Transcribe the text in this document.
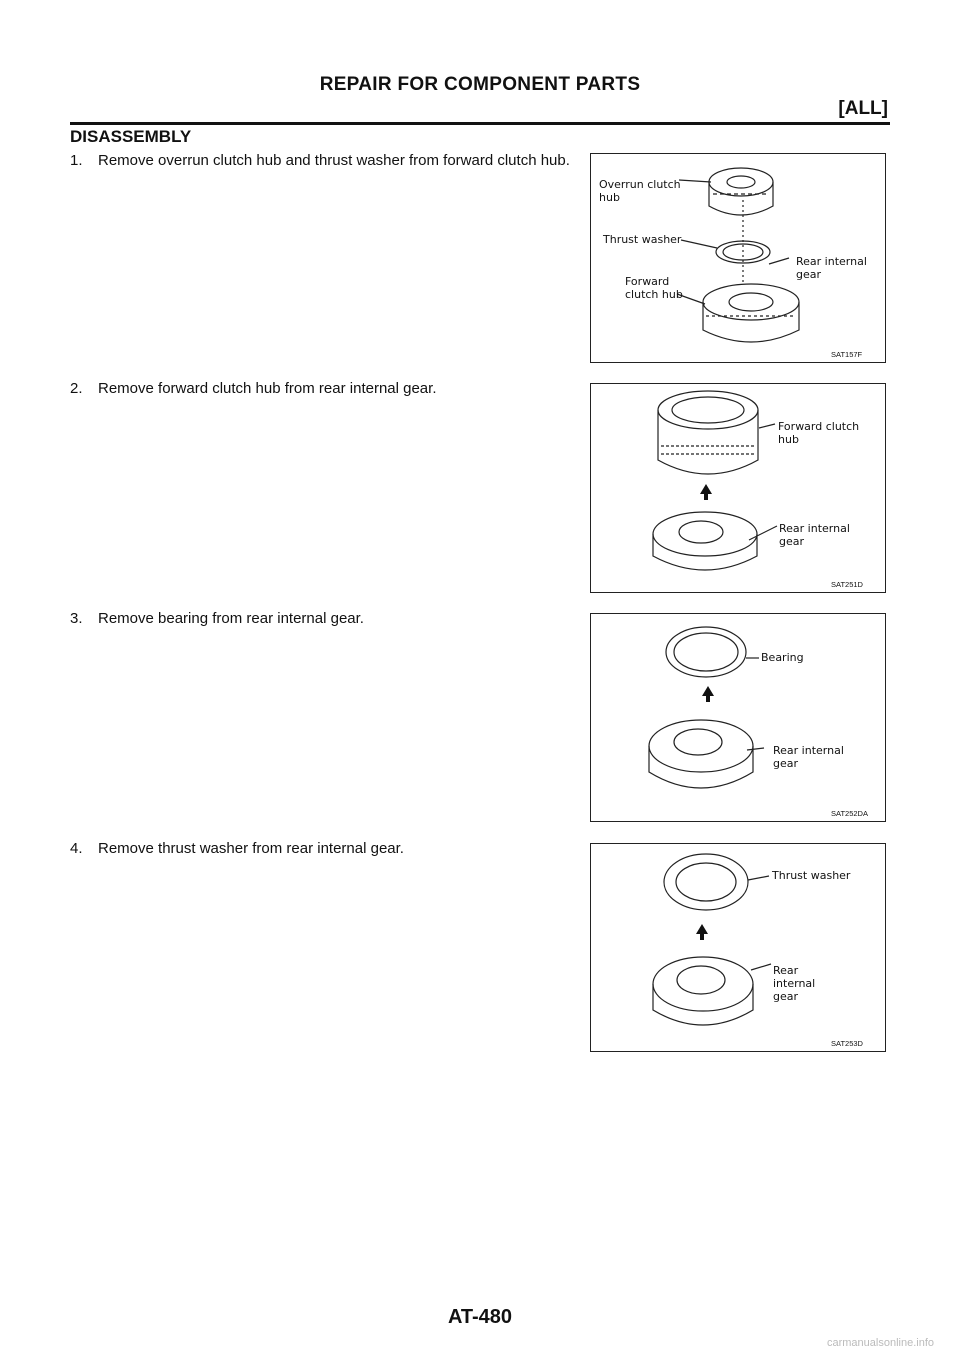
REPAIR FOR COMPONENT PARTS
[ALL]
DISASSEMBLY
1. Remove overrun clutch hub and thrust washer from forward clutch hub.
2. Remove forward clutch hub from rear internal gear.
3. Remove bearing from rear internal gear.
4. Remove thrust washer from rear internal gear.
Overrun clutch
hub
Thrust washer
Rear internal
gear
Forward
clutch hub
SAT157F
Forward clutch
hub
Rear internal
gear
SAT251D
Bearing
Rear internal
gear
SAT252DA
Thrust washer
Rear
internal
gear
SAT253D
AT-480
carmanualsonline.info
